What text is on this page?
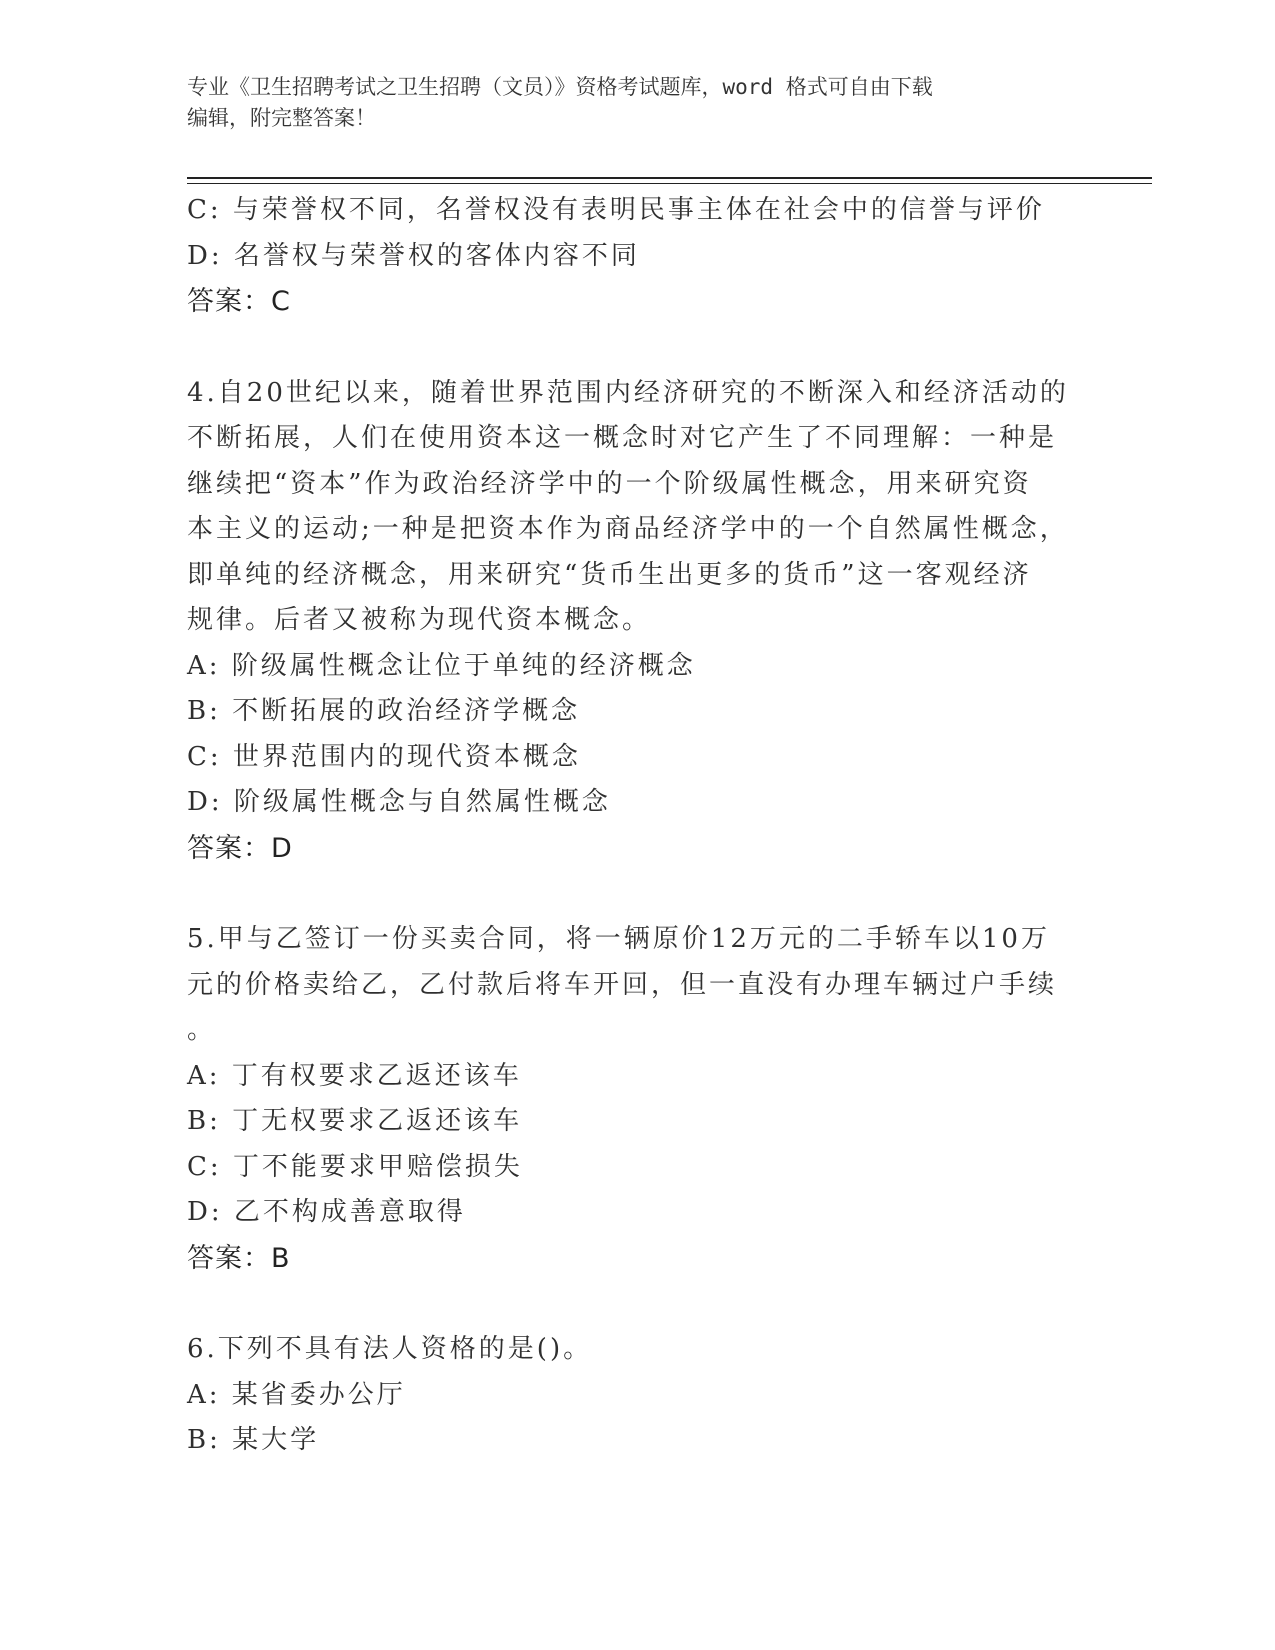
专业《卫生招聘考试之卫生招聘（文员）》资格考试题库，word 格式可自由下载
编辑，附完整答案！
C: 与荣誉权不同，名誉权没有表明民事主体在社会中的信誉与评价
D: 名誉权与荣誉权的客体内容不同
答案：C
4.自20世纪以来，随着世界范围内经济研究的不断深入和经济活动的
不断拓展，人们在使用资本这一概念时对它产生了不同理解：一种是
继续把“资本”作为政治经济学中的一个阶级属性概念，用来研究资
本主义的运动;一种是把资本作为商品经济学中的一个自然属性概念，
即单纯的经济概念，用来研究“货币生出更多的货币”这一客观经济
规律。后者又被称为现代资本概念。
A: 阶级属性概念让位于单纯的经济概念
B: 不断拓展的政治经济学概念
C: 世界范围内的现代资本概念
D: 阶级属性概念与自然属性概念
答案：D
5.甲与乙签订一份买卖合同，将一辆原价12万元的二手轿车以10万
元的价格卖给乙，乙付款后将车开回，但一直没有办理车辆过户手续
。
A: 丁有权要求乙返还该车
B: 丁无权要求乙返还该车
C: 丁不能要求甲赔偿损失
D: 乙不构成善意取得
答案：B
6.下列不具有法人资格的是()。
A: 某省委办公厅
B: 某大学
